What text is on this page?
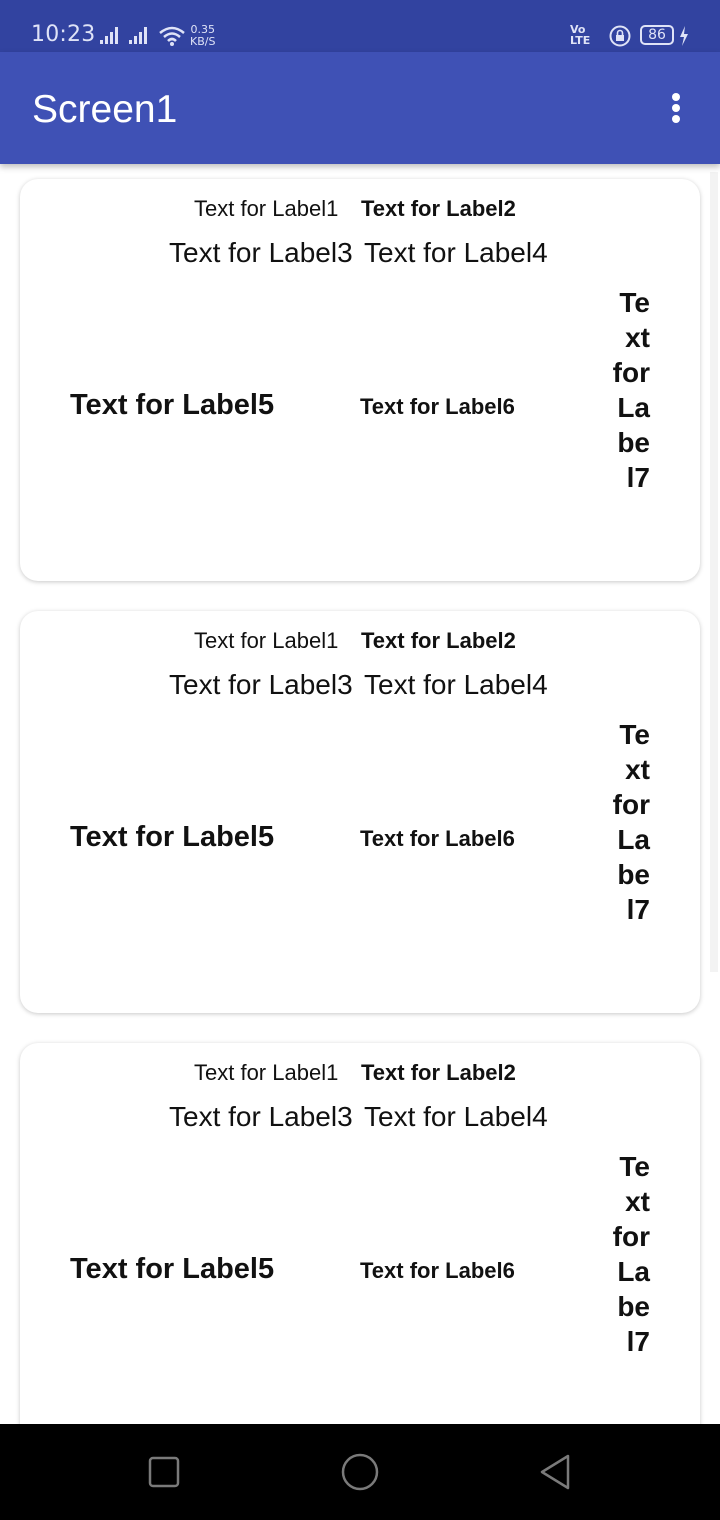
10:23	0.35
KB/S
Vo
LTE	86
Screen1
Text for Label1 Text for Label2
Text for Label3 Text for Label4
Text for Label5	Text for Label6
Text for Label7
Text for Label1 Text for Label2
Text for Label3 Text for Label4
Text for Label5	Text for Label6
Text for Label7
Text for Label1 Text for Label2
Text for Label3 Text for Label4
Text for Label5	Text for Label6
Text for Label7
